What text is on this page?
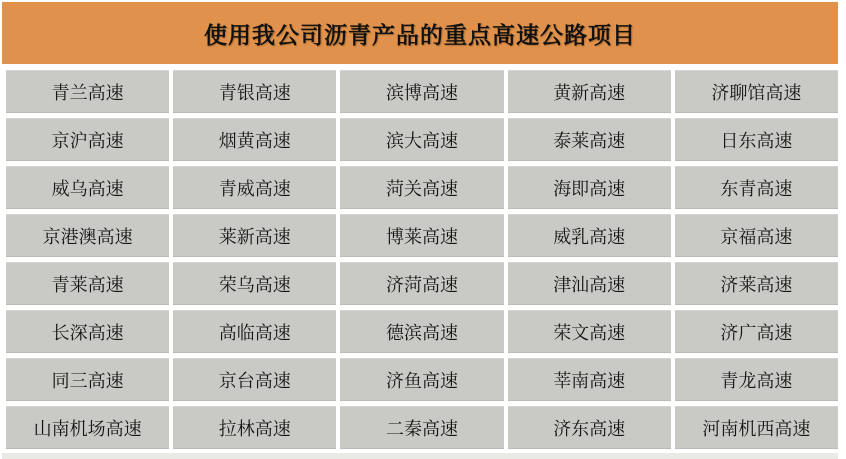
使用我公司沥青产品的重点高速公路项目
青兰高速	青银高速	滨博高速	黄新高速	济聊馆高速
京沪高速	烟黄高速	滨大高速	泰莱高速	日东高速
威乌高速	青威高速	菏关高速	海即高速	东青高速
京港澳高速	莱新高速	博莱高速	威乳高速	京福高速
青莱高速	荣乌高速	济菏高速	津汕高速	济莱高速
长深高速	高临高速	德滨高速	荣文高速	济广高速
同三高速	京台高速	济鱼高速	莘南高速	青龙高速
山南机场高速	拉林高速	二秦高速	济东高速	河南机西高速
